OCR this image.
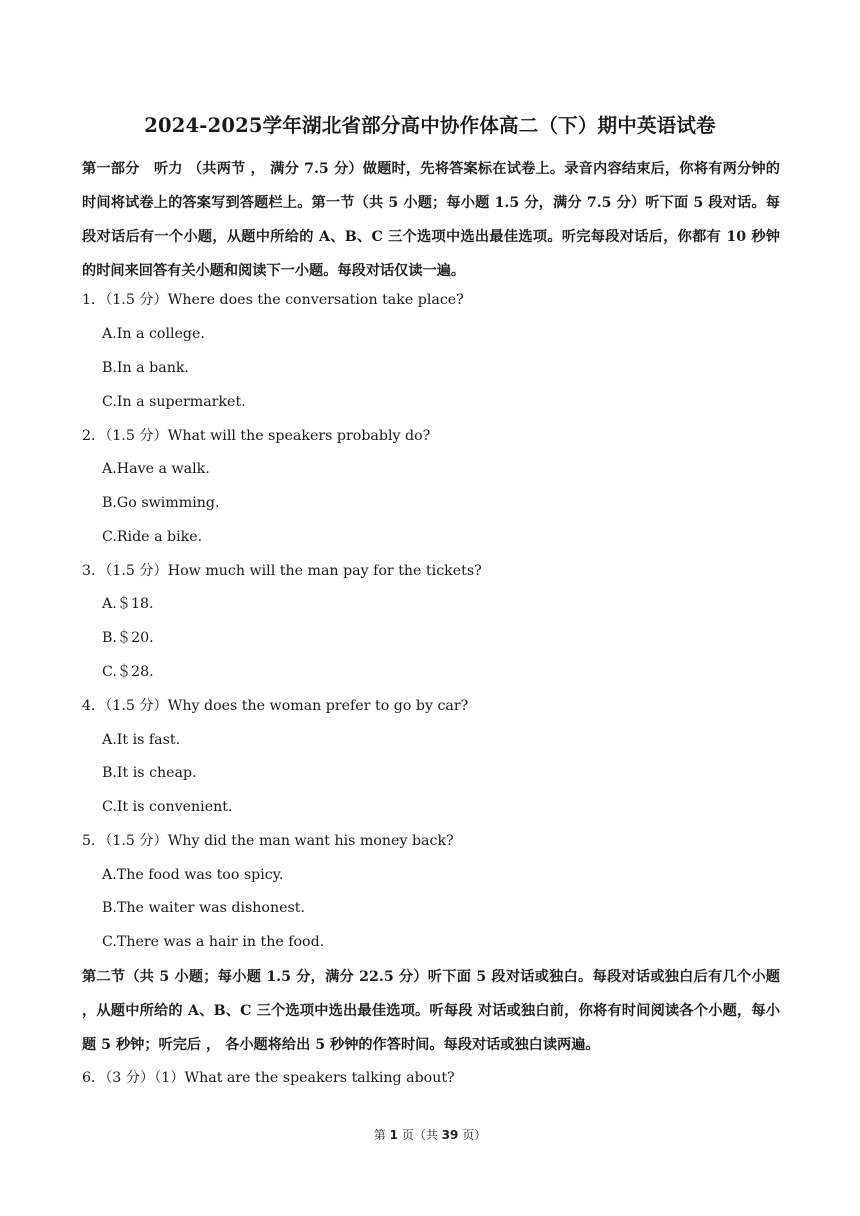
2024-2025学年湖北省部分高中协作体高二（下）期中英语试卷
第一部分　听力 （共两节 ， 满分 7.5 分）做题时，先将答案标在试卷上。录音内容结束后，你将有两分钟的时间将试卷上的答案写到答题栏上。第一节（共 5 小题；每小题 1.5 分，满分 7.5 分）听下面 5 段对话。每段对话后有一个小题，从题中所给的 A、B、C 三个选项中选出最佳选项。听完每段对话后，你都有 10 秒钟的时间来回答有关小题和阅读下一小题。每段对话仅读一遍。
1．（1.5 分）Where does the conversation take place?
A.In a college.
B.In a bank.
C.In a supermarket.
2．（1.5 分）What will the speakers probably do?
A.Have a walk.
B.Go swimming.
C.Ride a bike.
3．（1.5 分）How much will the man pay for the tickets?
A.＄18.
B.＄20.
C.＄28.
4．（1.5 分）Why does the woman prefer to go by car?
A.It is fast.
B.It is cheap.
C.It is convenient.
5．（1.5 分）Why did the man want his money back?
A.The food was too spicy.
B.The waiter was dishonest.
C.There was a hair in the food.
第二节（共 5 小题；每小题 1.5 分，满分 22.5 分）听下面 5 段对话或独白。每段对话或独白后有几个小题 ，从题中所给的 A、B、C 三个选项中选出最佳选项。听每段 对话或独白前，你将有时间阅读各个小题，每小题 5 秒钟；听完后 ， 各小题将给出 5 秒钟的作答时间。每段对话或独白读两遍。
6．（3 分）（1）What are the speakers talking about?
第 1 页（共 39 页）
